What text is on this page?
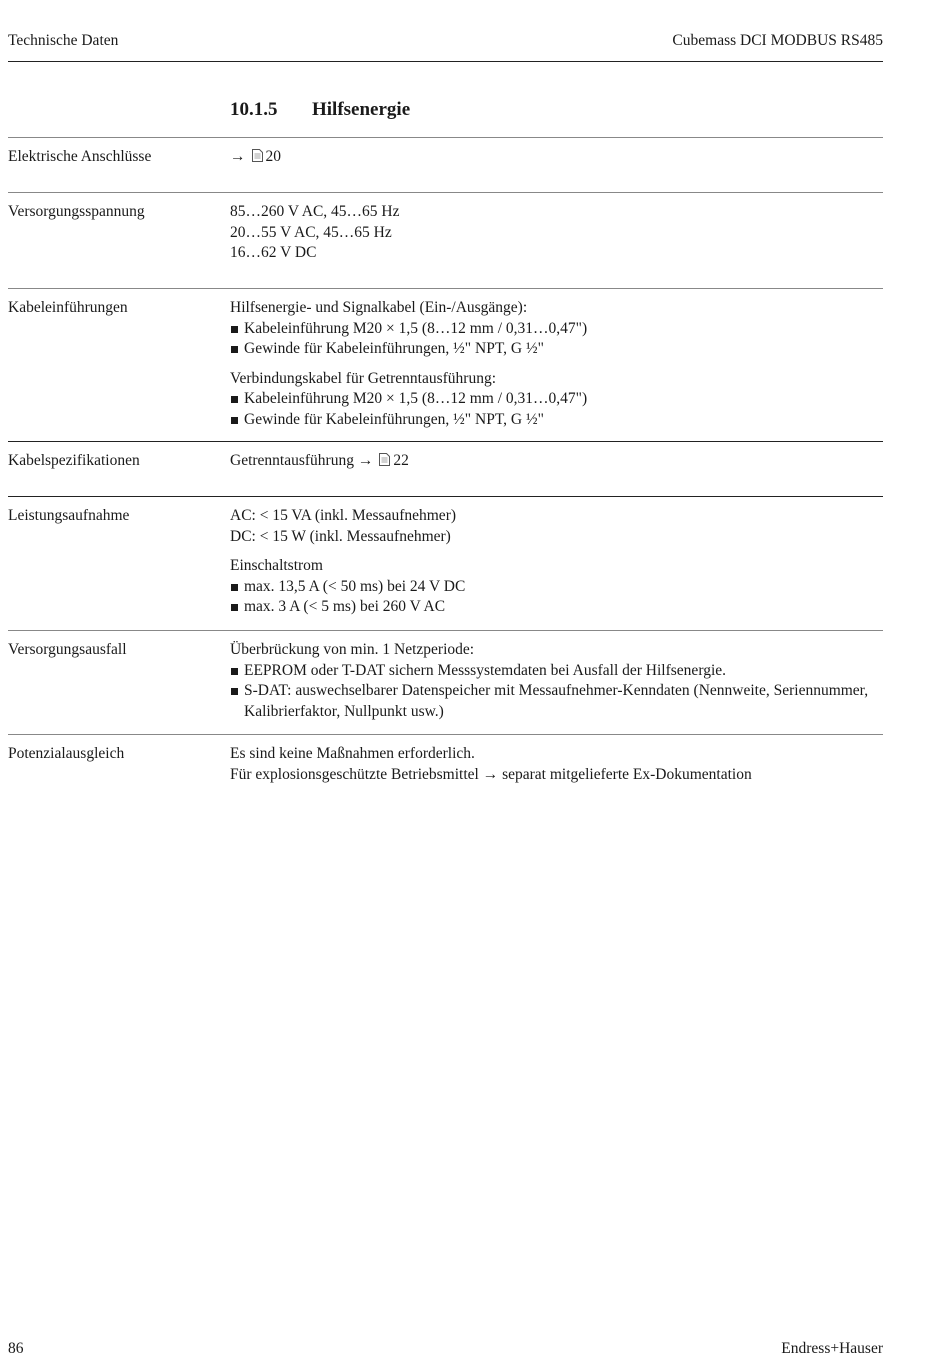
Technische Daten	Cubemass DCI MODBUS RS485
10.1.5 Hilfsenergie
Elektrische Anschlüsse	→ 20

Versorgungsspannung	85…260 V AC, 45…65 Hz

20…55 V AC, 45…65 Hz

16…62 V DC

Kabeleinführungen	Hilfsenergie- und Signalkabel (Ein-/Ausgänge):

Kabeleinführung M20 × 1,5 (8…12 mm / 0,31…0,47")

Gewinde für Kabeleinführungen, ½" NPT, G ½"

Verbindungskabel für Getrenntausführung:

Kabeleinführung M20 × 1,5 (8…12 mm / 0,31…0,47")

Gewinde für Kabeleinführungen, ½" NPT, G ½"

Kabelspezifikationen	Getrenntausführung → 22

Leistungsaufnahme	AC: < 15 VA (inkl. Messaufnehmer)

DC: < 15 W (inkl. Messaufnehmer)

Einschaltstrom

max. 13,5 A (< 50 ms) bei 24 V DC

max. 3 A (< 5 ms) bei 260 V AC

Versorgungsausfall	Überbrückung von min. 1 Netzperiode:

EEPROM oder T-DAT sichern Messsystemdaten bei Ausfall der Hilfsenergie.

S-DAT: auswechselbarer Datenspeicher mit Messaufnehmer-Kenndaten (Nennweite, Seriennummer, Kalibrierfaktor, Nullpunkt usw.)

Potenzialausgleich	Es sind keine Maßnahmen erforderlich.

Für explosionsgeschützte Betriebsmittel → separat mitgelieferte Ex-Dokumentation

86	Endress+Hauser
